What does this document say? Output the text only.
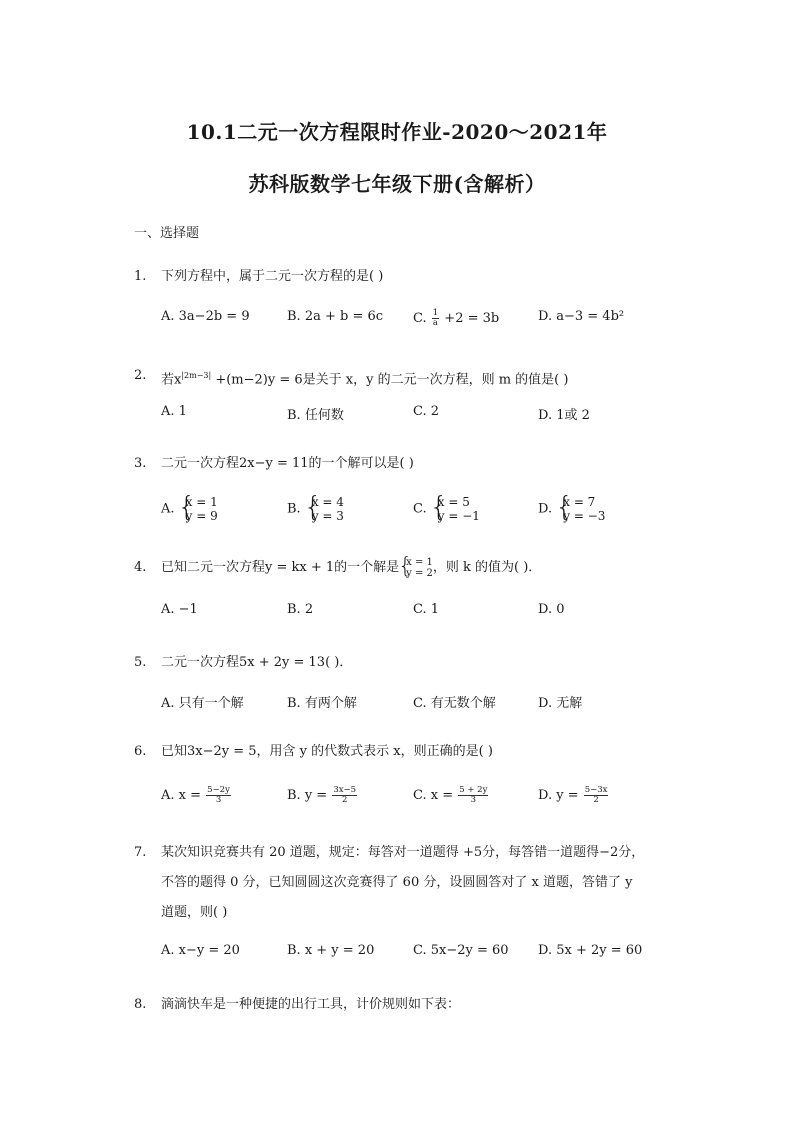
10.1二元一次方程限时作业-2020～2021年
苏科版数学七年级下册(含解析）
一、选择题
1.	下列方程中，属于二元一次方程的是( )
A. 3a−2b = 9	B. 2a + b = 6c C. $\frac{1}{a} +2 = 3b$	D. a−3 = 4b²
2.	若$x^{|2m-3|} +(m-2)y = 6$是关于 x，y 的二元一次方程，则 m 的值是( )
A. 1	B. 任何数	C. 2	D. 1或 2
3.	二元一次方程2x−y = 11的一个解可以是( )
A. { x = 1
y = 9	B. { x = 4
y = 3	C. { x = 5
y = −1	D. { x = 7
y = −3
4.	已知二元一次方程y = kx + 1的一个解是 { x = 1
y = 2 ，则 k 的值为( )．
A. −1	B. 2	C. 1	D. 0
5.	二元一次方程5x + 2y = 13( )．
A. 只有一个解	B. 有两个解	C. 有无数个解	D. 无解
6.	已知3x−2y = 5，用含 y 的代数式表示 x，则正确的是( )
A. $x = \frac{5-2y}{3}$	B. $y = \frac{3x-5}{2}$	C. $x = \frac{5 + 2y}{3}$	D. $y = \frac{5-3x}{2}$
7.	某次知识竞赛共有 20 道题，规定：每答对一道题得 +5分，每答错一道题得−2分，
不答的题得 0 分，已知圆圆这次竞赛得了 60 分，设圆圆答对了 x 道题，答错了 y
道题，则( )
A. x−y = 20	B. x + y = 20	C. 5x−2y = 60 D. 5x + 2y = 60
8.	滴滴快车是一种便捷的出行工具，计价规则如下表：
